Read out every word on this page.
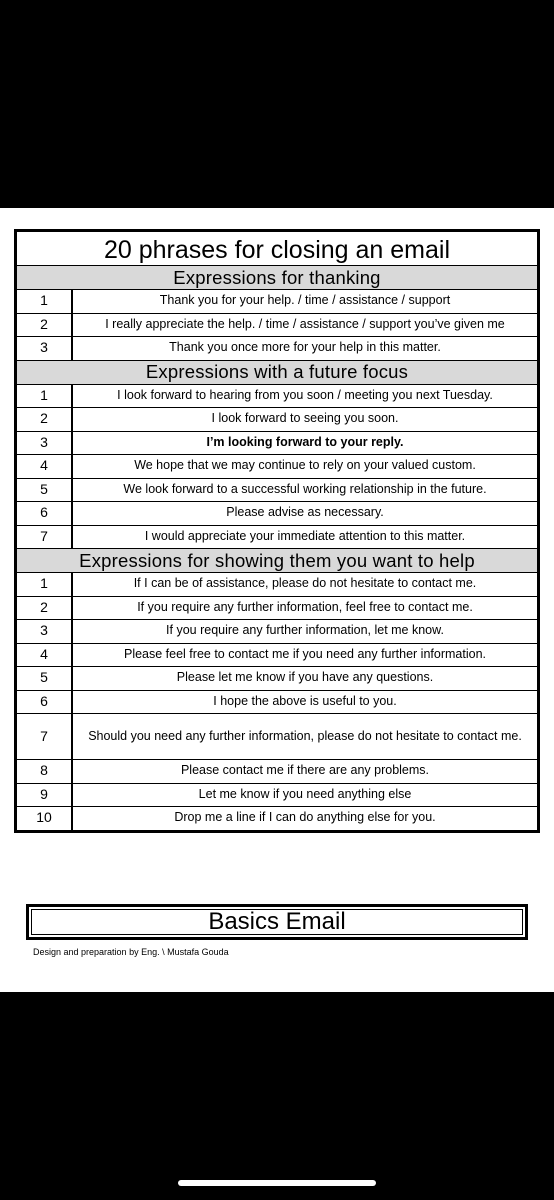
20 phrases for closing an email
Expressions for thanking
1	Thank you for your help. / time / assistance / support
2	I really appreciate the help. / time / assistance / support you’ve given me
3	Thank you once more for your help in this matter.
Expressions with a future focus
1	I look forward to hearing from you soon / meeting you next Tuesday.
2	I look forward to seeing you soon.
3	I’m looking forward to your reply.
4	We hope that we may continue to rely on your valued custom.
5	We look forward to a successful working relationship in the future.
6	Please advise as necessary.
7	I would appreciate your immediate attention to this matter.
Expressions for showing them you want to help
1	If I can be of assistance, please do not hesitate to contact me.
2	If you require any further information, feel free to contact me.
3	If you require any further information, let me know.
4	Please feel free to contact me if you need any further information.
5	Please let me know if you have any questions.
6	I hope the above is useful to you.
7	Should you need any further information, please do not hesitate to contact me.
8	Please contact me if there are any problems.
9	Let me know if you need anything else
10	Drop me a line if I can do anything else for you.
Basics Email
Design and preparation by Eng. \ Mustafa Gouda
